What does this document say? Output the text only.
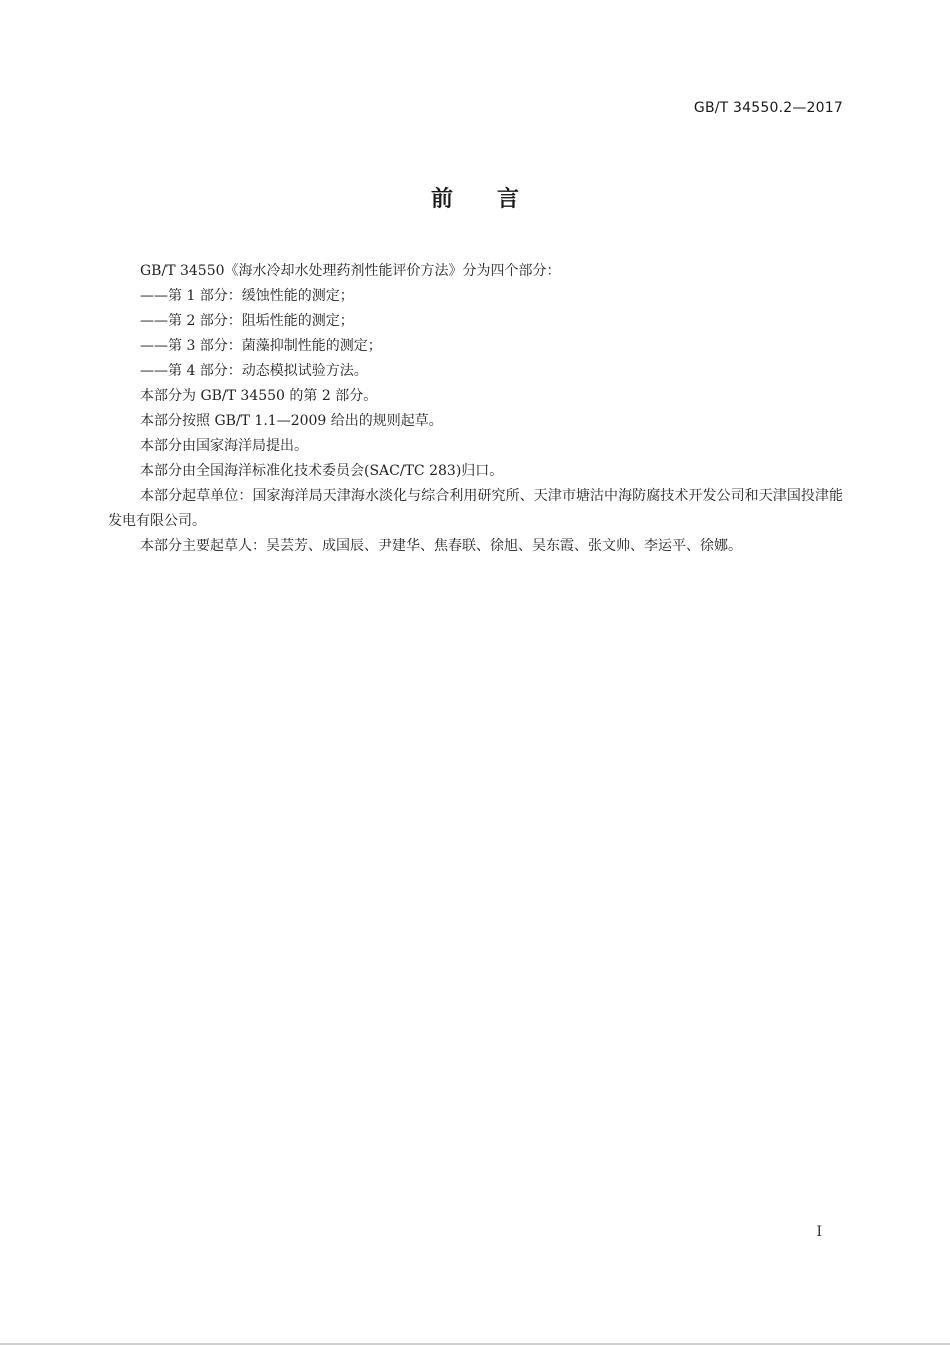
GB/T 34550.2—2017
前言

GB/T 34550《海水冷却水处理药剂性能评价方法》分为四个部分：

——第 1 部分：缓蚀性能的测定；

——第 2 部分：阻垢性能的测定；

——第 3 部分：菌藻抑制性能的测定；

——第 4 部分：动态模拟试验方法。

本部分为 GB/T 34550 的第 2 部分。

本部分按照 GB/T 1.1—2009 给出的规则起草。

本部分由国家海洋局提出。

本部分由全国海洋标准化技术委员会(SAC/TC 283)归口。

本部分起草单位：国家海洋局天津海水淡化与综合利用研究所、天津市塘沽中海防腐技术开发公司和天津国投津能发电有限公司。

本部分主要起草人：吴芸芳、成国辰、尹建华、焦春联、徐旭、吴东霞、张文帅、李运平、徐娜。

I
